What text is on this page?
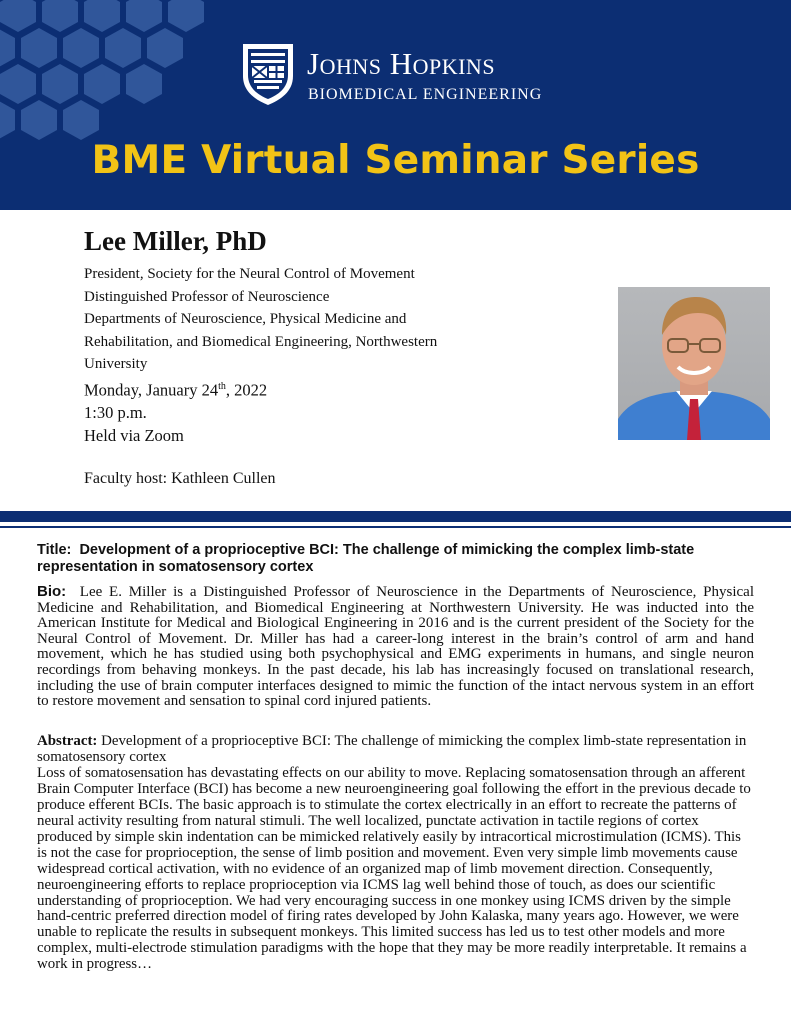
Johns Hopkins
BIOMEDICAL ENGINEERING
BME Virtual Seminar Series
Lee Miller, PhD
President, Society for the Neural Control of Movement
Distinguished Professor of Neuroscience
Departments of Neuroscience, Physical Medicine and
Rehabilitation, and Biomedical Engineering, Northwestern
University
Monday, January 24th, 2022
1:30 p.m.
Held via Zoom
Faculty host: Kathleen Cullen
Title: Development of a proprioceptive BCI: The challenge of mimicking the complex limb-state representation in somatosensory cortex
Bio: Lee E. Miller is a Distinguished Professor of Neuroscience in the Departments of Neuroscience, Physical Medicine and Rehabilitation, and Biomedical Engineering at Northwestern University. He was inducted into the American Institute for Medical and Biological Engineering in 2016 and is the current president of the Society for the Neural Control of Movement. Dr. Miller has had a career-long interest in the brain’s control of arm and hand movement, which he has studied using both psychophysical and EMG experiments in humans, and single neuron recordings from behaving monkeys. In the past decade, his lab has increasingly focused on translational research, including the use of brain computer interfaces designed to mimic the function of the intact nervous system in an effort to restore movement and sensation to spinal cord injured patients.
Abstract: Development of a proprioceptive BCI: The challenge of mimicking the complex limb-state representation in somatosensory cortex
Loss of somatosensation has devastating effects on our ability to move. Replacing somatosensation through an afferent Brain Computer Interface (BCI) has become a new neuroengineering goal following the effort in the previous decade to produce efferent BCIs. The basic approach is to stimulate the cortex electrically in an effort to recreate the patterns of neural activity resulting from natural stimuli. The well localized, punctate activation in tactile regions of cortex produced by simple skin indentation can be mimicked relatively easily by intracortical microstimulation (ICMS). This is not the case for proprioception, the sense of limb position and movement. Even very simple limb movements cause widespread cortical activation, with no evidence of an organized map of limb movement direction. Consequently, neuroengineering efforts to replace proprioception via ICMS lag well behind those of touch, as does our scientific understanding of proprioception. We had very encouraging success in one monkey using ICMS driven by the simple hand-centric preferred direction model of firing rates developed by John Kalaska, many years ago. However, we were unable to replicate the results in subsequent monkeys. This limited success has led us to test other models and more complex, multi-electrode stimulation paradigms with the hope that they may be more readily interpretable. It remains a work in progress…
